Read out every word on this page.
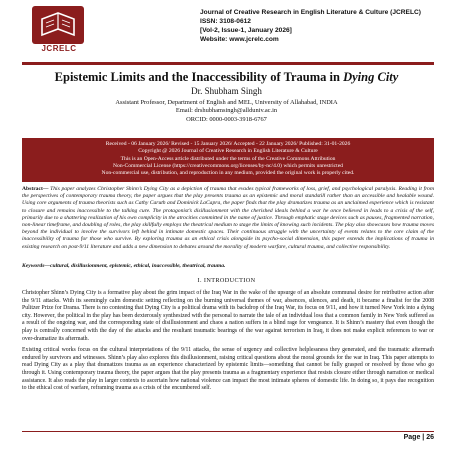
JCRELC
Journal of Creative Research in English Literature & Culture (JCRELC)
ISSN: 3108-0612
[Vol-2, Issue-1, January 2026]
Website: www.jcrelc.com
Epistemic Limits and the Inaccessibility of Trauma in Dying City
Dr. Shubham Singh
Assistant Professor, Department of English and MEL, University of Allahabad, INDIA
Email: drshubhamsingh@allduniv.ac.in
ORCID: 0000-0003-3918-6767
Received - 06 January 2026/ Revised - 15 January 2026/ Accepted - 22 January 2026/ Published: 31-01-2026
Copyright @ 2026 Journal of Creative Research in English Literature & Culture
This is an Open-Access article distributed under the terms of the Creative Commons Attribution
Non-Commercial License (https://creativecommons.org/licenses/by-nc/4.0) which permits unrestricted
Non-commercial use, distribution, and reproduction in any medium, provided the original work is properly cited.
Abstract— This paper analyzes Christopher Shinn’s Dying City as a depiction of trauma that evades typical frameworks of loss, grief, and psychological paralysis. Reading it from the perspectives of contemporary trauma theory, the paper argues that the play presents trauma as an epistemic and moral standstill rather than an accessible and healable wound. Using core arguments of trauma theorists such as Cathy Caruth and Dominick LaCapra, the paper finds that the play dramatizes trauma as an unclaimed experience which is resistant to closure and remains inaccessible to the talking cure. The protagonist’s disillusionment with the cherished ideals behind a war he once believed in leads to a crisis of the self, primarily due to a shattering realization of his own complicity in the atrocities committed in the name of justice. Through emphatic stage devices such as pauses, fragmented narration, non-linear timeframe, and doubling of roles, the play skillfully employs the theatrical medium to stage the limits of knowing such incidents. The play also showcases how trauma moves beyond the individual to involve the survivors left behind in intimate domestic spaces. Their continuous struggle with the uncertainty of events relates to the core claim of the inaccessibility of trauma for those who survive. By exploring trauma as an ethical crisis alongside its psycho-social dimension, this paper extends the implications of trauma in existing research on post-9/11 literature and adds a new dimension to debates around the morality of modern warfare, cultural trauma, and collective responsibility.
Keywords—cultural, disillusionment, epistemic, ethical, inaccessible, theatrical, trauma.
I. INTRODUCTION

Christopher Shinn’s Dying City is a formative play about the grim impact of the Iraq War in the wake of the upsurge of an absolute communal desire for retributive action after the 9/11 attacks. With its seemingly calm domestic setting reflecting on the burning universal themes of war, absences, silences, and death, it became a finalist for the 2008 Pulitzer Prize for Drama. There is no contesting that Dying City is a political drama with its backdrop of the Iraq War, its focus on 9/11, and how it turned New York into a dying city. However, the political in the play has been dexterously synthesized with the personal to narrate the tale of an individual loss that a common family in New York suffered as a result of the ongoing war, and the corresponding state of disillusionment and chaos a nation suffers in a blind rage for vengeance. It is Shinn’s mastery that even though the play is centrally concerned with the day of the attacks and the resultant traumatic bearings of the war against terrorism in Iraq, it does not make explicit references to war or over-dramatize its aftermath.

Existing critical works focus on the cultural interpretations of the 9/11 attacks, the sense of urgency and collective helplessness they generated, and the traumatic aftermath endured by survivors and witnesses. Shinn’s play also explores this disillusionment, raising critical questions about the moral grounds for the war in Iraq. This paper attempts to read Dying City as a play that dramatizes trauma as an experience characterized by epistemic limits—something that cannot be fully grasped or resolved by those who go through it. Using contemporary trauma theory, the paper argues that the play presents trauma as a fragmentary experience that resists closure either through narration or medical assistance. It also reads the play in larger contexts to ascertain how national violence can impact the most intimate spheres of domestic life. In doing so, it pays due recognition to the ethical cost of warfare, reframing trauma as a crisis of the encumbered self.

Page | 26
